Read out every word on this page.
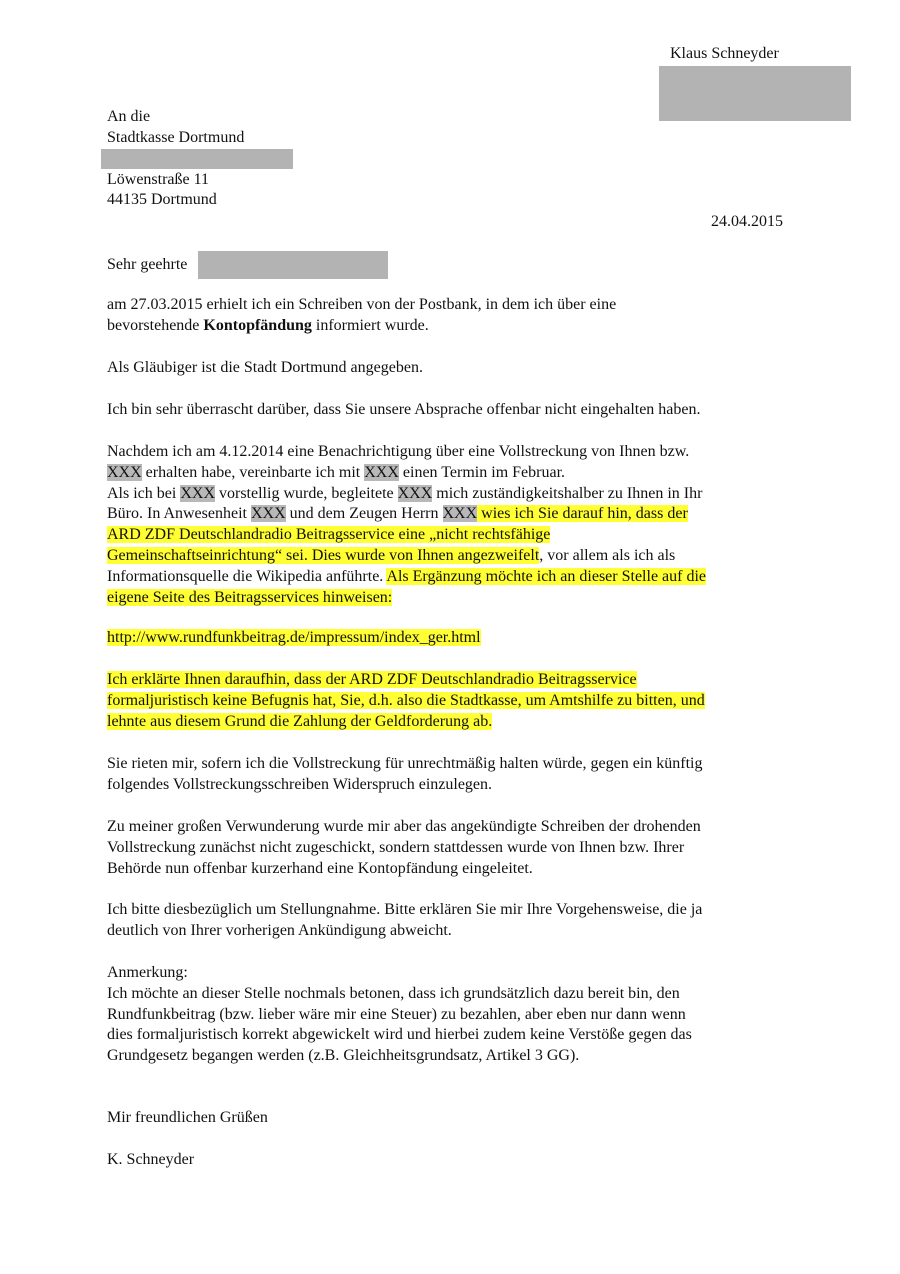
Klaus Schneyder
An die
Stadtkasse Dortmund
Löwenstraße 11
44135 Dortmund
24.04.2015
Sehr geehrte
am 27.03.2015 erhielt ich ein Schreiben von der Postbank, in dem ich über eine
bevorstehende Kontopfändung informiert wurde.
Als Gläubiger ist die Stadt Dortmund angegeben.
Ich bin sehr überrascht darüber, dass Sie unsere Absprache offenbar nicht eingehalten haben.
Nachdem ich am 4.12.2014 eine Benachrichtigung über eine Vollstreckung von Ihnen bzw.
XXX erhalten habe, vereinbarte ich mit XXX einen Termin im Februar.
Als ich bei XXX vorstellig wurde, begleitete XXX mich zuständigkeitshalber zu Ihnen in Ihr
Büro. In Anwesenheit XXX und dem Zeugen Herrn XXX wies ich Sie darauf hin, dass der
ARD ZDF Deutschlandradio Beitragsservice eine „nicht rechtsfähige
Gemeinschaftseinrichtung“ sei. Dies wurde von Ihnen angezweifelt, vor allem als ich als
Informationsquelle die Wikipedia anführte. Als Ergänzung möchte ich an dieser Stelle auf die
eigene Seite des Beitragsservices hinweisen:
http://www.rundfunkbeitrag.de/impressum/index_ger.html
Ich erklärte Ihnen daraufhin, dass der ARD ZDF Deutschlandradio Beitragsservice
formaljuristisch keine Befugnis hat, Sie, d.h. also die Stadtkasse, um Amtshilfe zu bitten, und
lehnte aus diesem Grund die Zahlung der Geldforderung ab.
Sie rieten mir, sofern ich die Vollstreckung für unrechtmäßig halten würde, gegen ein künftig
folgendes Vollstreckungsschreiben Widerspruch einzulegen.
Zu meiner großen Verwunderung wurde mir aber das angekündigte Schreiben der drohenden
Vollstreckung zunächst nicht zugeschickt, sondern stattdessen wurde von Ihnen bzw. Ihrer
Behörde nun offenbar kurzerhand eine Kontopfändung eingeleitet.
Ich bitte diesbezüglich um Stellungnahme. Bitte erklären Sie mir Ihre Vorgehensweise, die ja
deutlich von Ihrer vorherigen Ankündigung abweicht.
Anmerkung:
Ich möchte an dieser Stelle nochmals betonen, dass ich grundsätzlich dazu bereit bin, den
Rundfunkbeitrag (bzw. lieber wäre mir eine Steuer) zu bezahlen, aber eben nur dann wenn
dies formaljuristisch korrekt abgewickelt wird und hierbei zudem keine Verstöße gegen das
Grundgesetz begangen werden (z.B. Gleichheitsgrundsatz, Artikel 3 GG).
Mir freundlichen Grüßen
K. Schneyder
